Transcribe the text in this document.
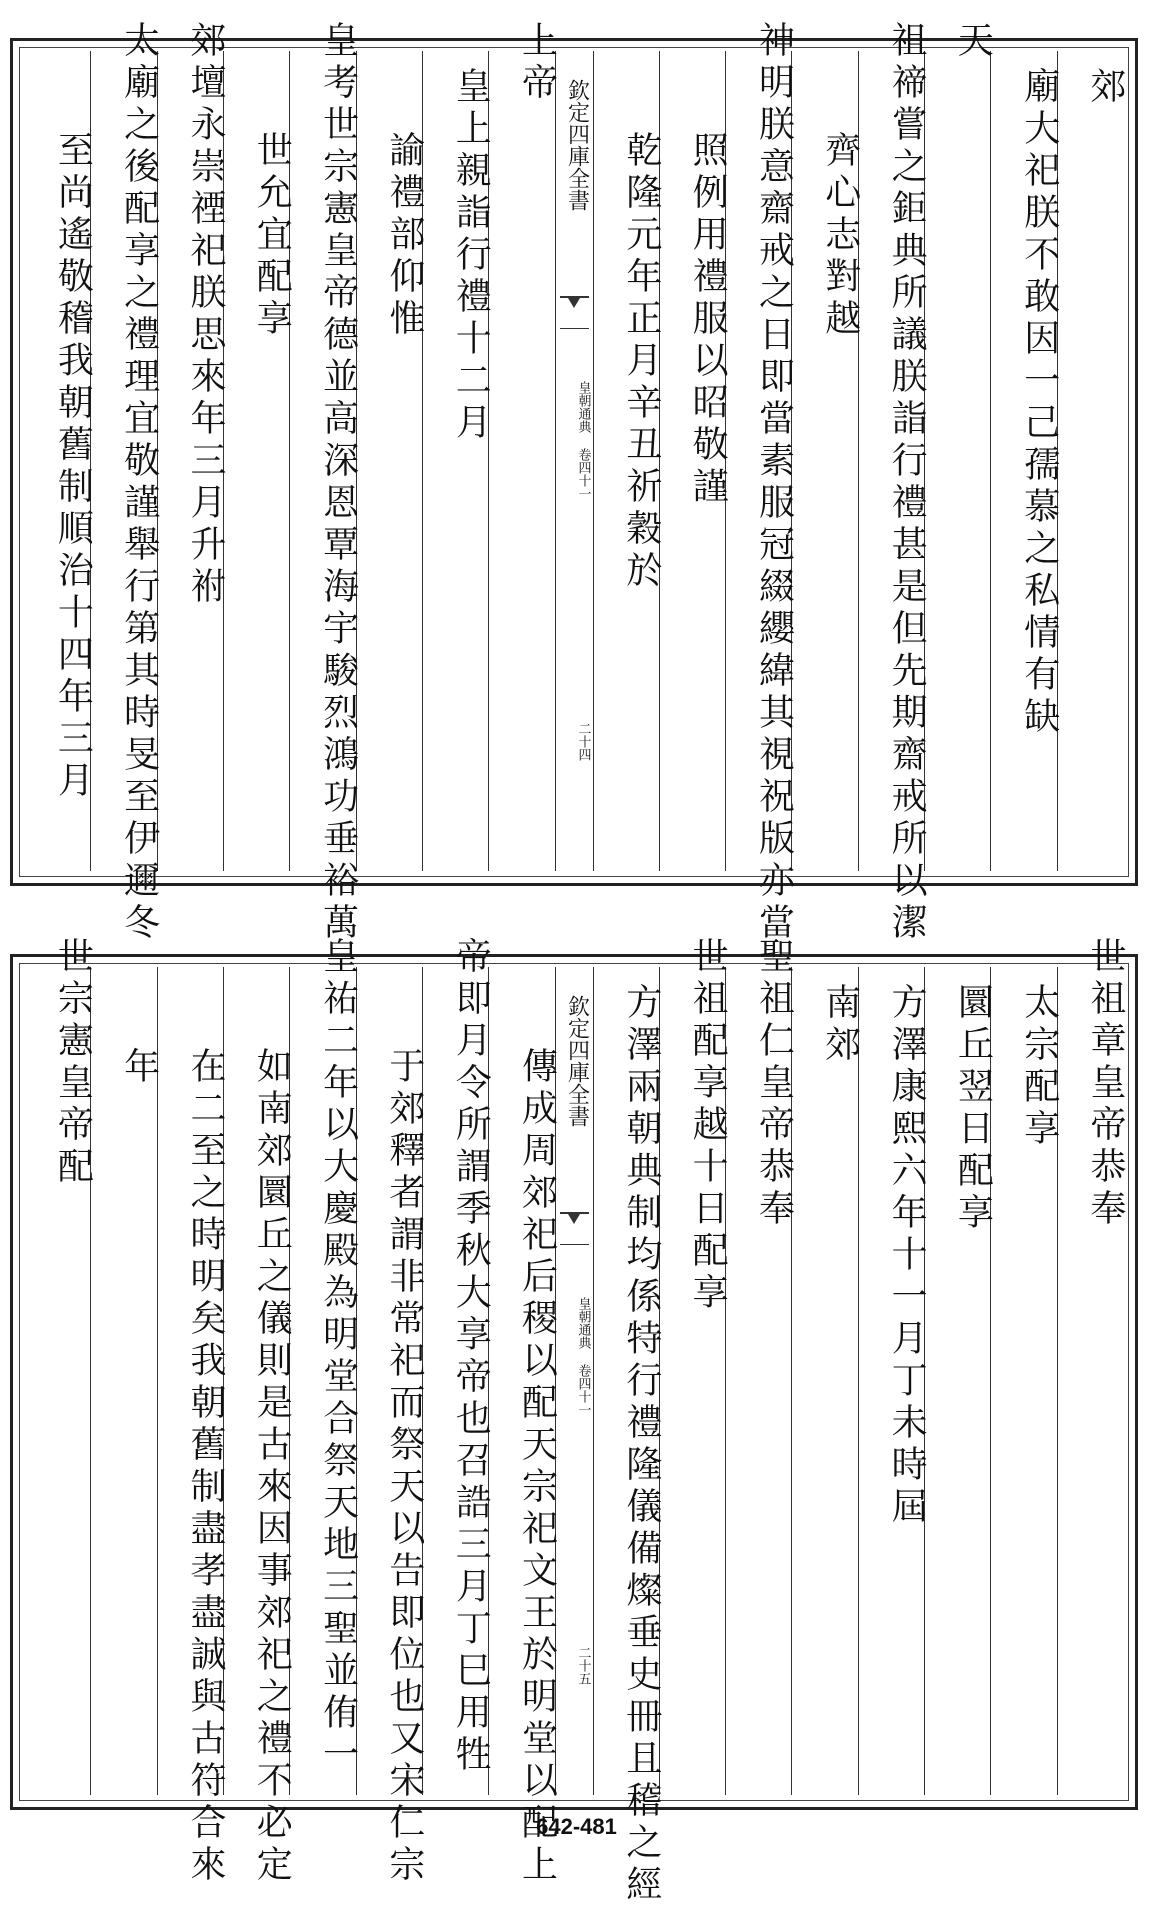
郊
廟大祀朕不敢因一己孺慕之私情有缺
天
祖禘嘗之鉅典所議朕詣行禮甚是但先期齋戒所以潔
齊心志對越
神明朕意齋戒之日即當素服冠綴纓緯其視祝版亦當
照例用禮服以昭敬謹
乾隆元年正月辛丑祈穀於
欽定四庫全書
皇朝通典 卷四十一
二十四
上帝
皇上親詣行禮十二月
諭禮部仰惟
皇考世宗憲皇帝德並高深恩覃海宇駿烈鴻功垂裕萬
世允宜配享
郊壇永崇禋祀朕思來年三月升祔
太廟之後配享之禮理宜敬謹舉行第其時旻至伊邇冬
至尚遙敬稽我朝舊制順治十四年三月
世祖章皇帝恭奉
太宗配享
圜丘翌日配享
方澤康熙六年十一月丁未時屆
南郊
聖祖仁皇帝恭奉
世祖配享越十日配享
方澤兩朝典制均係特行禮隆儀備燦垂史冊且稽之經
欽定四庫全書
皇朝通典 卷四十一
二十五
傳成周郊祀后稷以配天宗祀文王於明堂以配上
帝即月令所謂季秋大享帝也召誥三月丁巳用牲
于郊釋者謂非常祀而祭天以告即位也又宋仁宗
皇祐二年以大慶殿為明堂合祭天地三聖並侑一
如南郊圜丘之儀則是古來因事郊祀之禮不必定
在二至之時明矣我朝舊制盡孝盡誠與古符合來
年
世宗憲皇帝配
642-481
